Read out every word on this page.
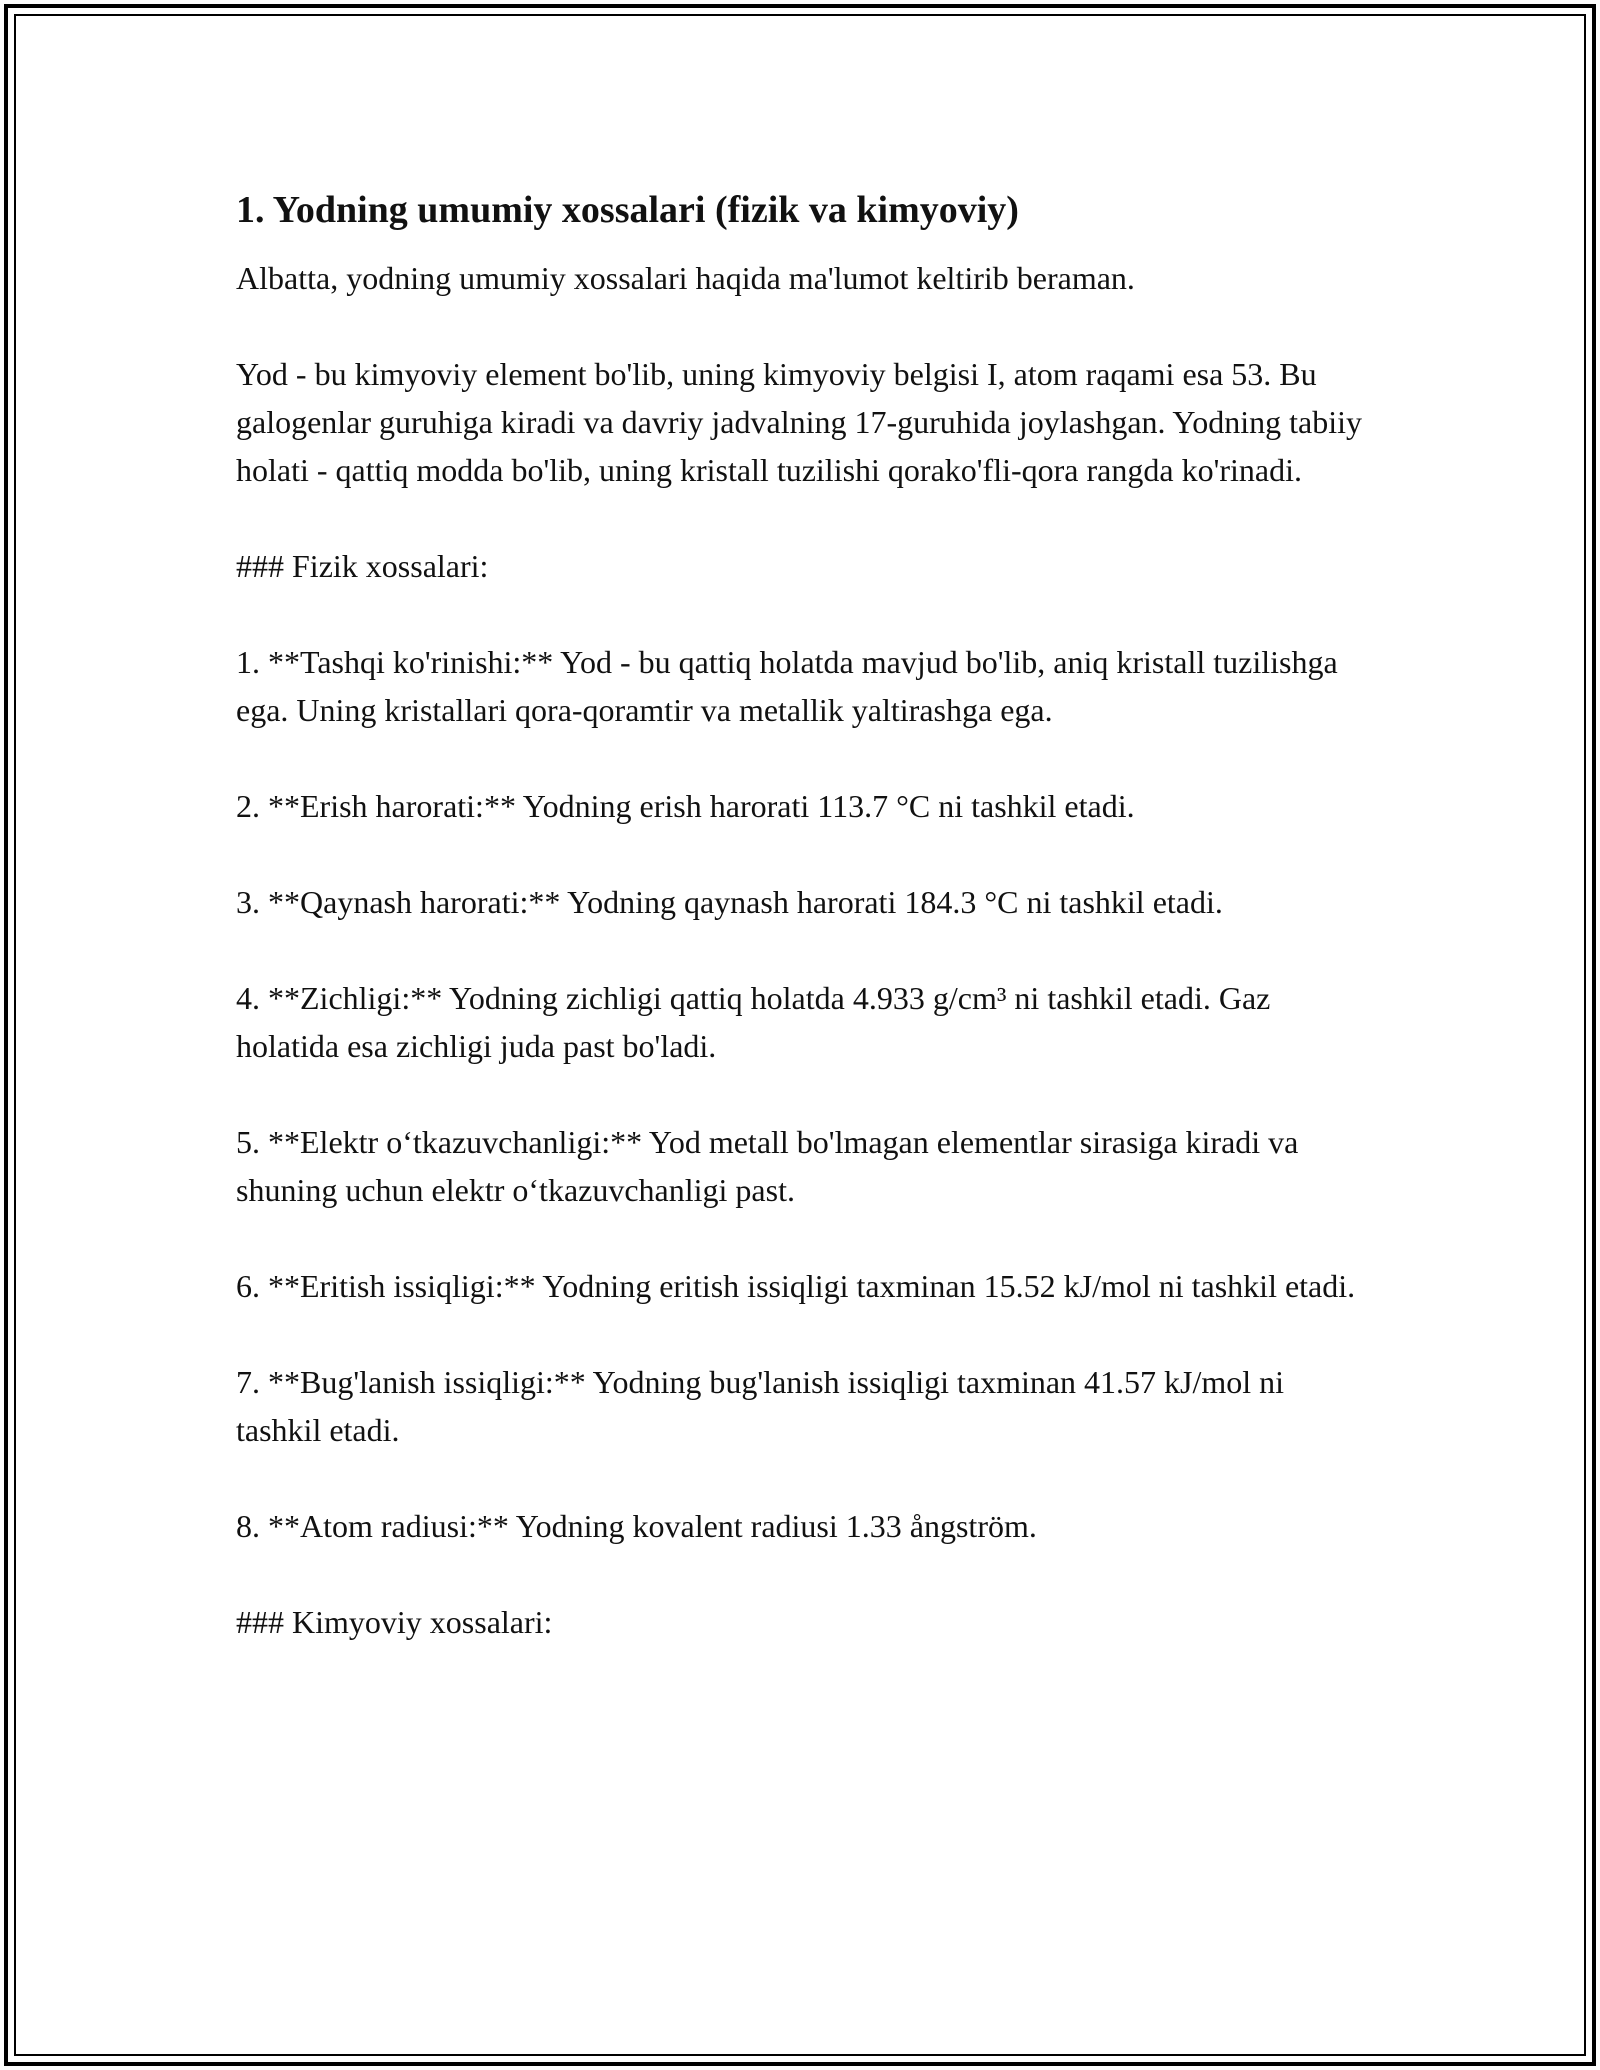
1. Yodning umumiy xossalari (fizik va kimyoviy)

Albatta, yodning umumiy xossalari haqida ma'lumot keltirib beraman.

Yod - bu kimyoviy element bo'lib, uning kimyoviy belgisi I, atom raqami esa 53. Bu galogenlar guruhiga kiradi va davriy jadvalning 17-guruhida joylashgan. Yodning tabiiy holati - qattiq modda bo'lib, uning kristall tuzilishi qorako'fli-qora rangda ko'rinadi.

### Fizik xossalari:

1. **Tashqi ko'rinishi:** Yod - bu qattiq holatda mavjud bo'lib, aniq kristall tuzilishga ega. Uning kristallari qora-qoramtir va metallik yaltirashga ega.

2. **Erish harorati:** Yodning erish harorati 113.7 °C ni tashkil etadi.

3. **Qaynash harorati:** Yodning qaynash harorati 184.3 °C ni tashkil etadi.

4. **Zichligi:** Yodning zichligi qattiq holatda 4.933 g/cm³ ni tashkil etadi. Gaz holatida esa zichligi juda past bo'ladi.

5. **Elektr o‘tkazuvchanligi:** Yod metall bo'lmagan elementlar sirasiga kiradi va shuning uchun elektr o‘tkazuvchanligi past.

6. **Eritish issiqligi:** Yodning eritish issiqligi taxminan 15.52 kJ/mol ni tashkil etadi.

7. **Bug'lanish issiqligi:** Yodning bug'lanish issiqligi taxminan 41.57 kJ/mol ni tashkil etadi.

8. **Atom radiusi:** Yodning kovalent radiusi 1.33 ångström.

### Kimyoviy xossalari:
